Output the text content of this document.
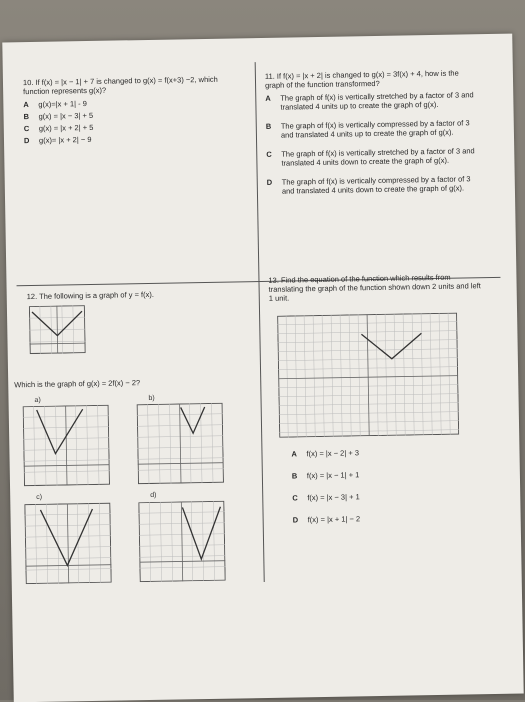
10. If f(x) = |x − 1| + 7 is changed to g(x) = f(x+3) −2, which function represents g(x)?
A	g(x)=|x + 1| - 9
B	g(x) = |x − 3| + 5
C	g(x) = |x + 2| + 5
D	g(x)= |x + 2| − 9
11. If f(x) = |x + 2| is changed to g(x) = 3f(x) + 4, how is the graph of the function transformed?
A	The graph of f(x) is vertically stretched by a factor of 3 and translated 4 units up to create the graph of g(x).
B	The graph of f(x) is vertically compressed by a factor of 3 and translated 4 units up to create the graph of g(x).
C	The graph of f(x) is vertically stretched by a factor of 3 and translated 4 units down to create the graph of g(x).
D	The graph of f(x) is vertically compressed by a factor of 3 and translated 4 units down to create the graph of g(x).
12. The following is a graph of y = f(x).
Which is the graph of g(x) = 2f(x) − 2?
a)	b)
c)	d)
13. Find the equation of the function which results from translating the graph of the function shown down 2 units and left 1 unit.
A	f(x) = |x − 2| + 3
B	f(x) = |x − 1| + 1
C	f(x) = |x − 3| + 1
D	f(x) = |x + 1| − 2
